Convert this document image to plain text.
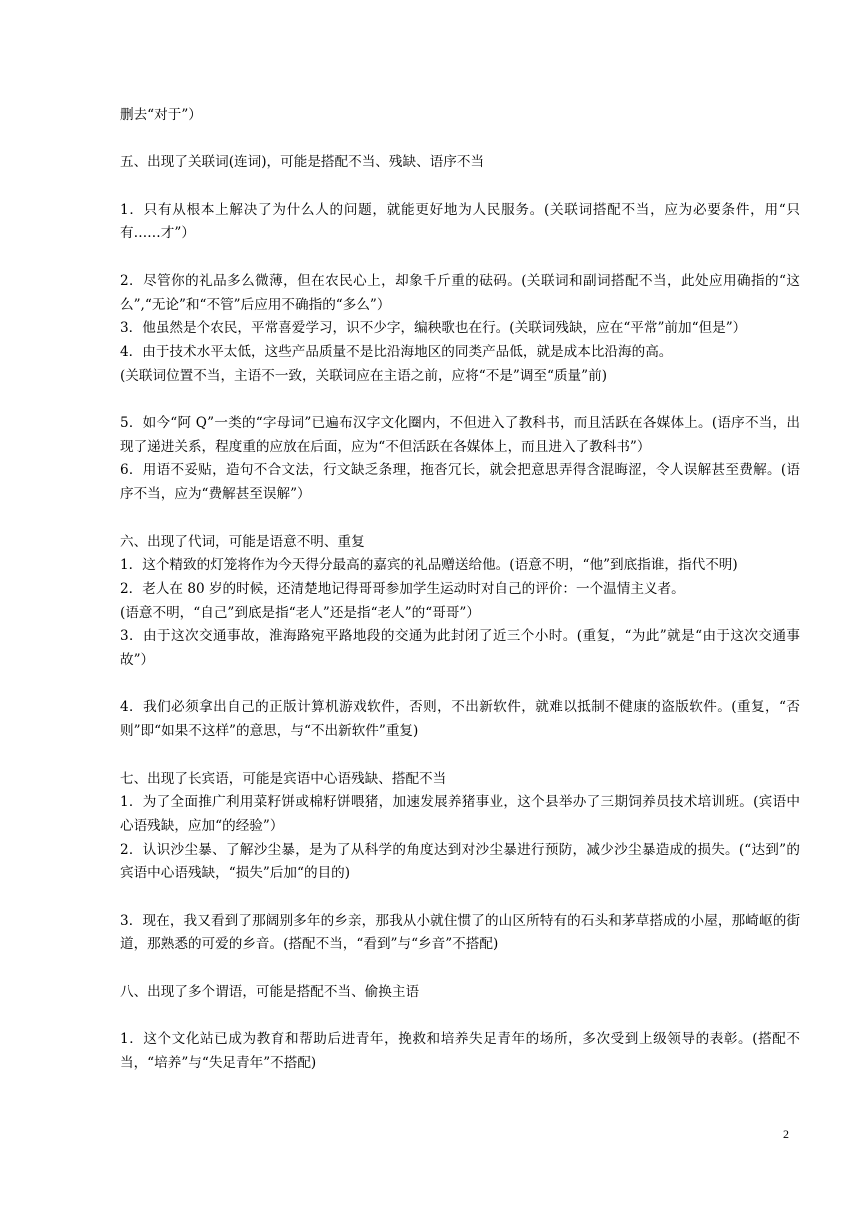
删去“对于”）

五、出现了关联词(连词)，可能是搭配不当、残缺、语序不当

1．只有从根本上解决了为什么人的问题，就能更好地为人民服务。(关联词搭配不当，应为必要条件，用“只有……才”）

2．尽管你的礼品多么微薄，但在农民心上，却象千斤重的砝码。(关联词和副词搭配不当，此处应用确指的“这么”,“无论”和“不管”后应用不确指的“多么”）

3．他虽然是个农民，平常喜爱学习，识不少字，编秧歌也在行。(关联词残缺，应在“平常”前加“但是”）

4．由于技术水平太低，这些产品质量不是比沿海地区的同类产品低，就是成本比沿海的高。

(关联词位置不当，主语不一致，关联词应在主语之前，应将“不是”调至“质量”前)

5．如今“阿 Q”一类的“字母词”已遍布汉字文化圈内，不但进入了教科书，而且活跃在各媒体上。(语序不当，出现了递进关系，程度重的应放在后面，应为“不但活跃在各媒体上，而且进入了教科书”）

6．用语不妥贴，造句不合文法，行文缺乏条理，拖沓冗长，就会把意思弄得含混晦涩，令人误解甚至费解。(语序不当，应为“费解甚至误解”）

六、出现了代词，可能是语意不明、重复

1．这个精致的灯笼将作为今天得分最高的嘉宾的礼品赠送给他。(语意不明，“他”到底指谁，指代不明)

2．老人在 80 岁的时候，还清楚地记得哥哥参加学生运动时对自己的评价：一个温情主义者。

(语意不明，“自己”到底是指“老人”还是指“老人”的“哥哥”）

3．由于这次交通事故，淮海路宛平路地段的交通为此封闭了近三个小时。(重复，“为此”就是“由于这次交通事故”）

4．我们必须拿出自己的正版计算机游戏软件，否则，不出新软件，就难以抵制不健康的盗版软件。(重复，“否则”即“如果不这样”的意思，与“不出新软件”重复)

七、出现了长宾语，可能是宾语中心语残缺、搭配不当

1．为了全面推广利用菜籽饼或棉籽饼喂猪，加速发展养猪事业，这个县举办了三期饲养员技术培训班。(宾语中心语残缺，应加“的经验”）

2．认识沙尘暴、了解沙尘暴，是为了从科学的角度达到对沙尘暴进行预防，减少沙尘暴造成的损失。(“达到”的宾语中心语残缺，“损失”后加“的目的)

3．现在，我又看到了那阔别多年的乡亲，那我从小就住惯了的山区所特有的石头和茅草搭成的小屋，那崎岖的街道，那熟悉的可爱的乡音。(搭配不当，“看到”与“乡音”不搭配)

八、出现了多个谓语，可能是搭配不当、偷换主语

1．这个文化站已成为教育和帮助后进青年，挽救和培养失足青年的场所，多次受到上级领导的表彰。(搭配不当，“培养”与“失足青年”不搭配)

2
